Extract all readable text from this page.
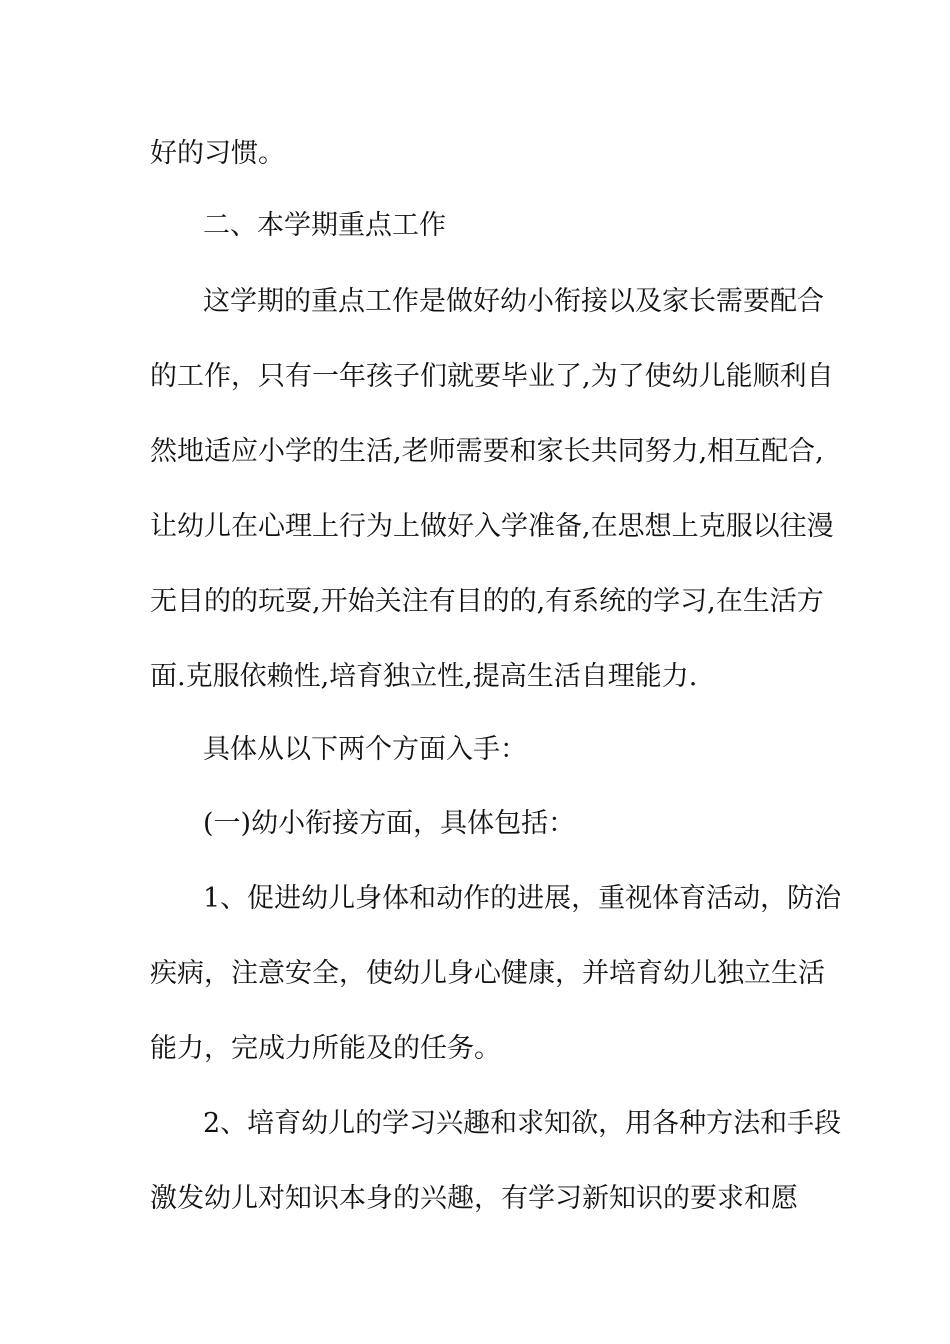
好的习惯。
二、本学期重点工作
这学期的重点工作是做好幼小衔接以及家长需要配合
的工作，只有一年孩子们就要毕业了,为了使幼儿能顺利自
然地适应小学的生活,老师需要和家长共同努力,相互配合,
让幼儿在心理上行为上做好入学准备,在思想上克服以往漫
无目的的玩耍,开始关注有目的的,有系统的学习,在生活方
面.克服依赖性,培育独立性,提高生活自理能力.
具体从以下两个方面入手：
(一)幼小衔接方面，具体包括：
1、促进幼儿身体和动作的进展，重视体育活动，防治
疾病，注意安全，使幼儿身心健康，并培育幼儿独立生活
能力，完成力所能及的任务。
2、培育幼儿的学习兴趣和求知欲，用各种方法和手段
激发幼儿对知识本身的兴趣，有学习新知识的要求和愿
